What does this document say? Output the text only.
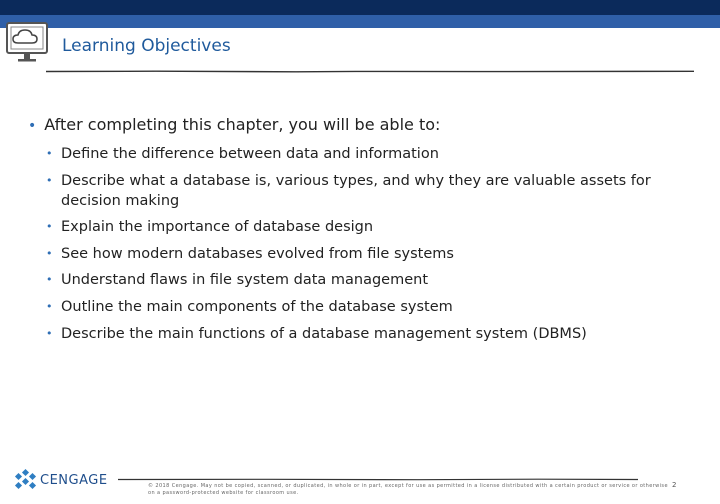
Learning Objectives
• After completing this chapter, you will be able to:
• Define the difference between data and information
• Describe what a database is, various types, and why they are valuable assets for decision making
• Explain the importance of database design
• See how modern databases evolved from file systems
• Understand flaws in file system data management
• Outline the main components of the database system
• Describe the main functions of a database management system (DBMS)
CENGAGE	© 2018 Cengage. May not be copied, scanned, or duplicated, in whole or in part, except for use as permitted in a license distributed with a certain product or service or otherwise on a password-protected website for classroom use.
2
